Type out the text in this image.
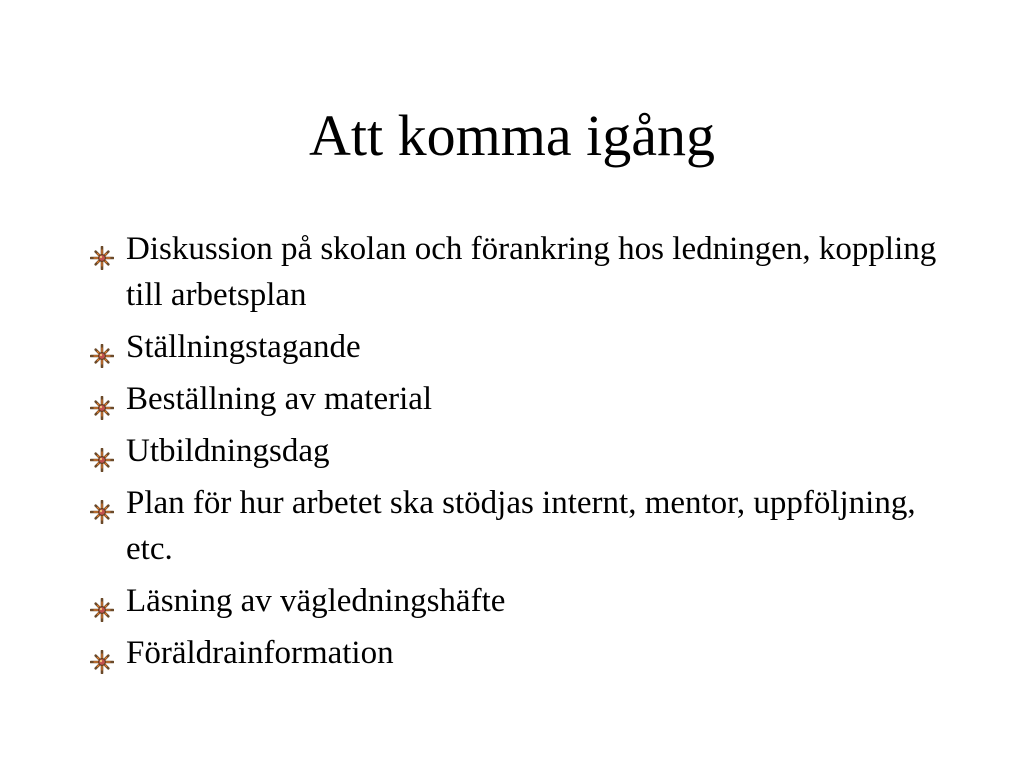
Att komma igång
Diskussion på skolan och förankring hos ledningen, koppling till arbetsplan
Ställningstagande
Beställning av material
Utbildningsdag
Plan för hur arbetet ska stödjas internt, mentor, uppföljning, etc.
Läsning av vägledningshäfte
Föräldrainformation
